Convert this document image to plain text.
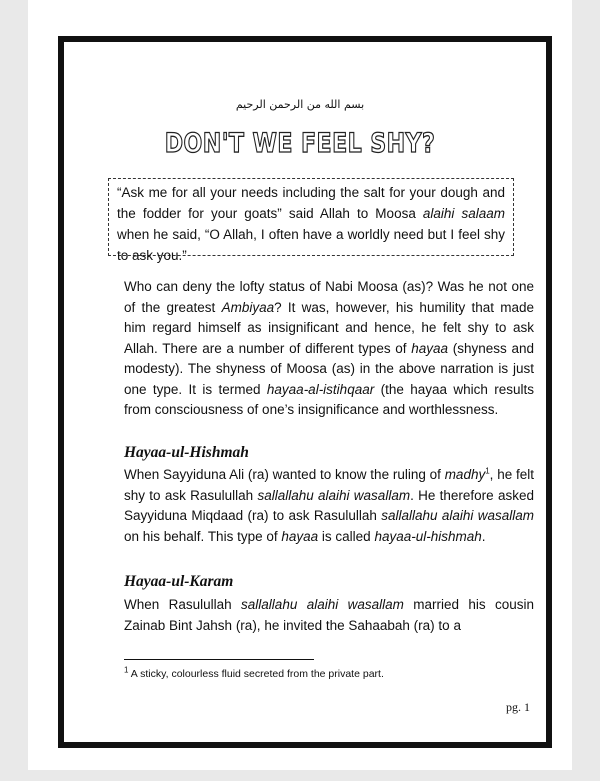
بسم الله من الرحمن الرحيم
DON'T WE FEEL SHY?
“Ask me for all your needs including the salt for your dough and the fodder for your goats” said Allah to Moosa alaihi salaam when he said, “O Allah, I often have a worldly need but I feel shy to ask you.”

Who can deny the lofty status of Nabi Moosa (as)? Was he not one of the greatest Ambiyaa? It was, however, his humility that made him regard himself as insignificant and hence, he felt shy to ask Allah. There are a number of different types of hayaa (shyness and modesty). The shyness of Moosa (as) in the above narration is just one type. It is termed hayaa-al-istihqaar (the hayaa which results from consciousness of one’s insignificance and worthlessness.

Hayaa-ul-Hishmah

When Sayyiduna Ali (ra) wanted to know the ruling of madhy$^1$, he felt shy to ask Rasulullah sallallahu alaihi wasallam. He therefore asked Sayyiduna Miqdaad (ra) to ask Rasulullah sallallahu alaihi wasallam on his behalf. This type of hayaa is called hayaa-ul-hishmah.

Hayaa-ul-Karam

When Rasulullah sallallahu alaihi wasallam married his cousin Zainab Bint Jahsh (ra), he invited the Sahaabah (ra) to a

$^1$ A sticky, colourless fluid secreted from the private part.
pg. 1
